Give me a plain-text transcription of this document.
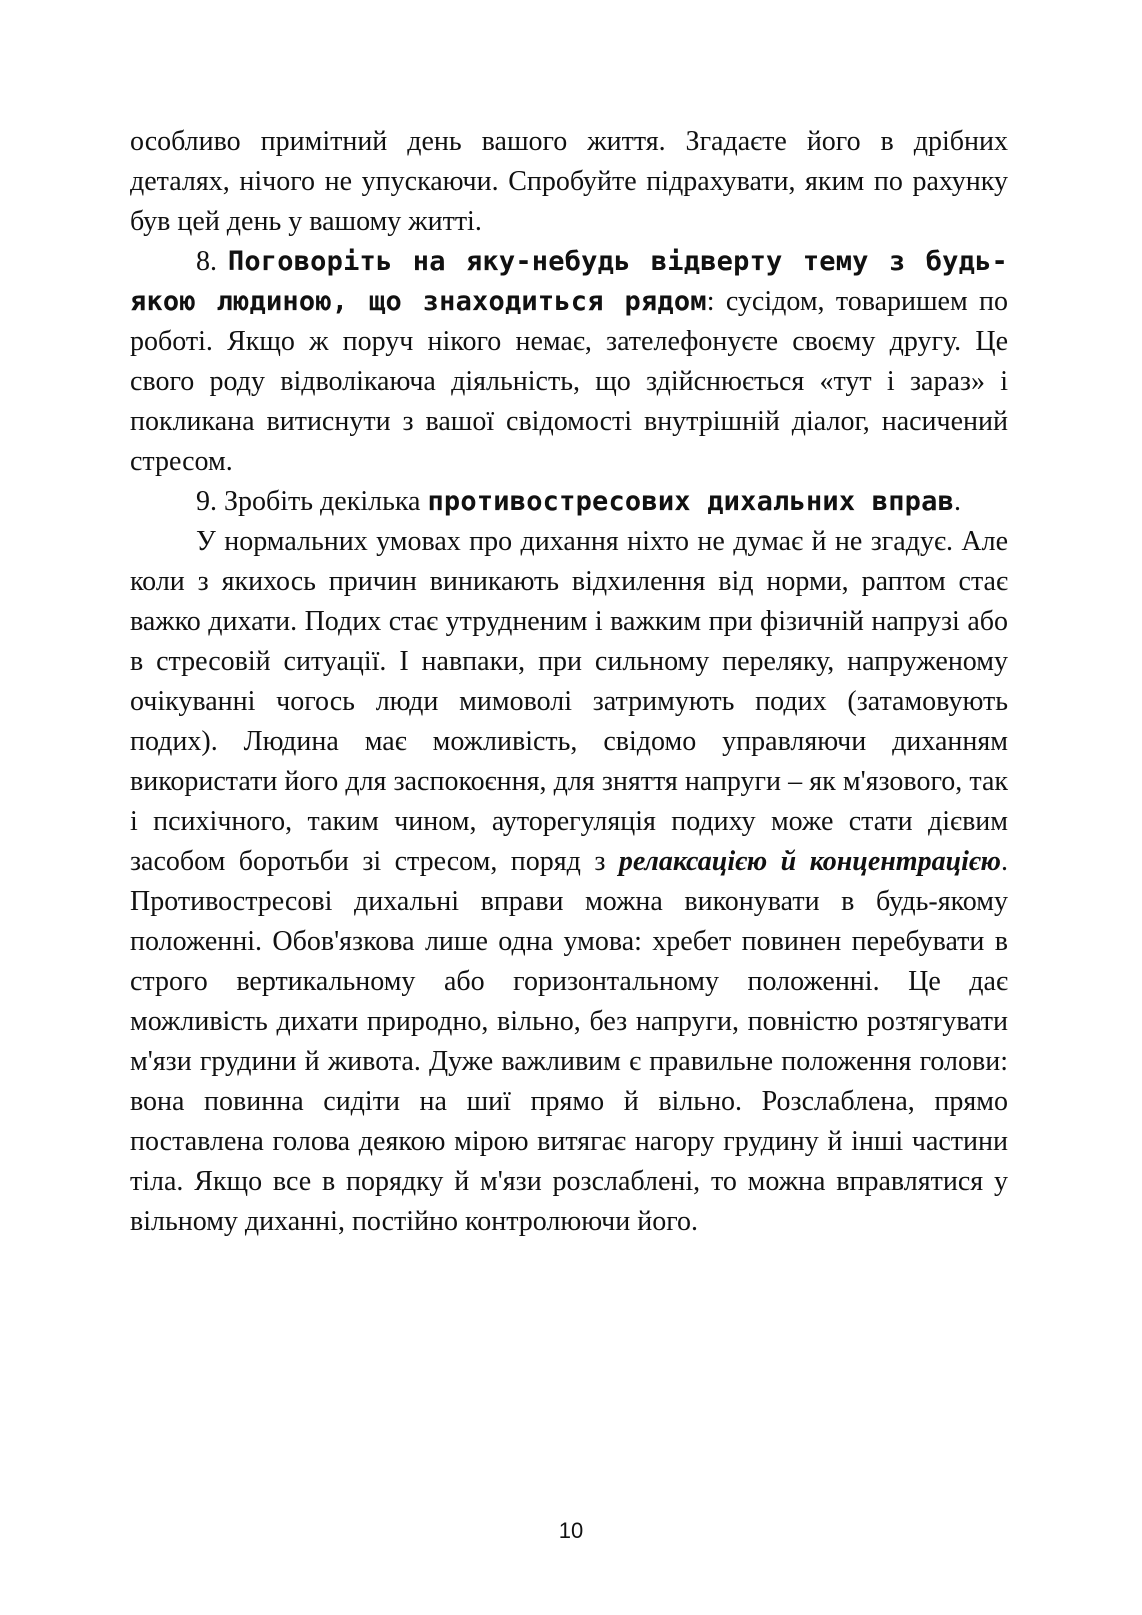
особливо примітний день вашого життя. Згадаєте його в дрібних деталях, нічого не упускаючи. Спробуйте підрахувати, яким по рахунку був цей день у вашому житті.

8. Поговоріть на яку-небудь відверту тему з будь-якою людиною, що знаходиться рядом: сусідом, товаришем по роботі. Якщо ж поруч нікого немає, зателефонуєте своєму другу. Це свого роду відволікаюча діяльність, що здійснюється «тут і зараз» і покликана витиснути з вашої свідомості внутрішній діалог, насичений стресом.

9. Зробіть декілька противостресових дихальних вправ.

У нормальних умовах про дихання ніхто не думає й не згадує. Але коли з якихось причин виникають відхилення від норми, раптом стає важко дихати. Подих стає утрудненим і важким при фізичній напрузі або в стресовій ситуації. І навпаки, при сильному переляку, напруженому очікуванні чогось люди мимоволі затримують подих (затамовують подих). Людина має можливість, свідомо управляючи диханням використати його для заспокоєння, для зняття напруги – як м'язового, так і психічного, таким чином, ауторегуляція подиху може стати дієвим засобом боротьби зі стресом, поряд з релаксацією й концентрацією. Противостресові дихальні вправи можна виконувати в будь-якому положенні. Обов'язкова лише одна умова: хребет повинен перебувати в строго вертикальному або горизонтальному положенні. Це дає можливість дихати природно, вільно, без напруги, повністю розтягувати м'язи грудини й живота. Дуже важливим є правильне положення голови: вона повинна сидіти на шиї прямо й вільно. Розслаблена, прямо поставлена голова деякою мірою витягає нагору грудину й інші частини тіла. Якщо все в порядку й м'язи розслаблені, то можна вправлятися у вільному диханні, постійно контролюючи його.

10
